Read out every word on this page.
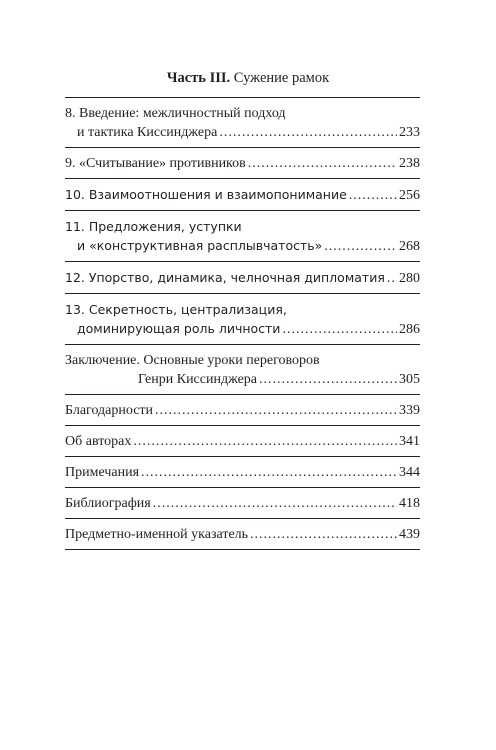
Часть III. Сужение рамок
8. Введение: межличностный подход
и тактика Киссинджера .....	233
9. «Считывание» противников .....	238
10. Взаимоотношения и взаимопонимание .....	256
11. Предложения, уступки
и «конструктивная расплывчатость» .....	268
12. Упорство, динамика, челночная дипломатия ..... 280
13. Секретность, централизация,
доминирующая роль личности .....	286
Заключение. Основные уроки переговоров
Генри Киссинджера .....	305
Благодарности .....	339
Об авторах .....	341
Примечания .....	344
Библиография .....	418
Предметно-именной указатель .....	439
